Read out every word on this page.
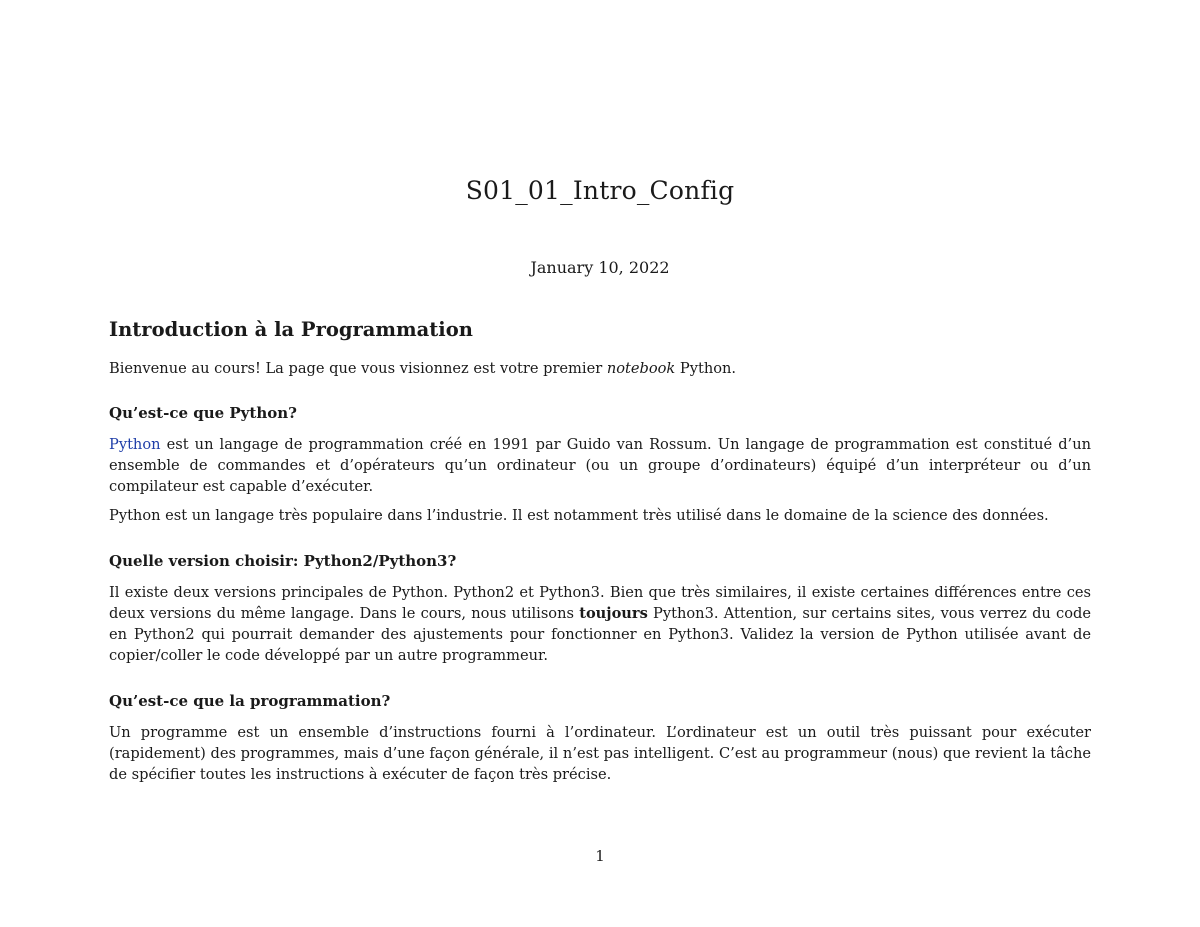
S01_01_Intro_Config
January 10, 2022
Introduction à la Programmation

Bienvenue au cours! La page que vous visionnez est votre premier notebook Python.

Qu’est-ce que Python?

Python est un langage de programmation créé en 1991 par Guido van Rossum. Un langage de programmation est constitué d’un ensemble de commandes et d’opérateurs qu’un ordinateur (ou un groupe d’ordinateurs) équipé d’un interpréteur ou d’un compilateur est capable d’exécuter.

Python est un langage très populaire dans l’industrie. Il est notamment très utilisé dans le domaine de la science des données.

Quelle version choisir: Python2/Python3?

Il existe deux versions principales de Python. Python2 et Python3. Bien que très similaires, il existe certaines différences entre ces deux versions du même langage. Dans le cours, nous utilisons toujours Python3. Attention, sur certains sites, vous verrez du code en Python2 qui pourrait demander des ajustements pour fonctionner en Python3. Validez la version de Python utilisée avant de copier/coller le code développé par un autre programmeur.

Qu’est-ce que la programmation?

Un programme est un ensemble d’instructions fourni à l’ordinateur. L’ordinateur est un outil très puissant pour exécuter (rapidement) des programmes, mais d’une façon générale, il n’est pas intelligent. C’est au programmeur (nous) que revient la tâche de spécifier toutes les instructions à exécuter de façon très précise.

1
